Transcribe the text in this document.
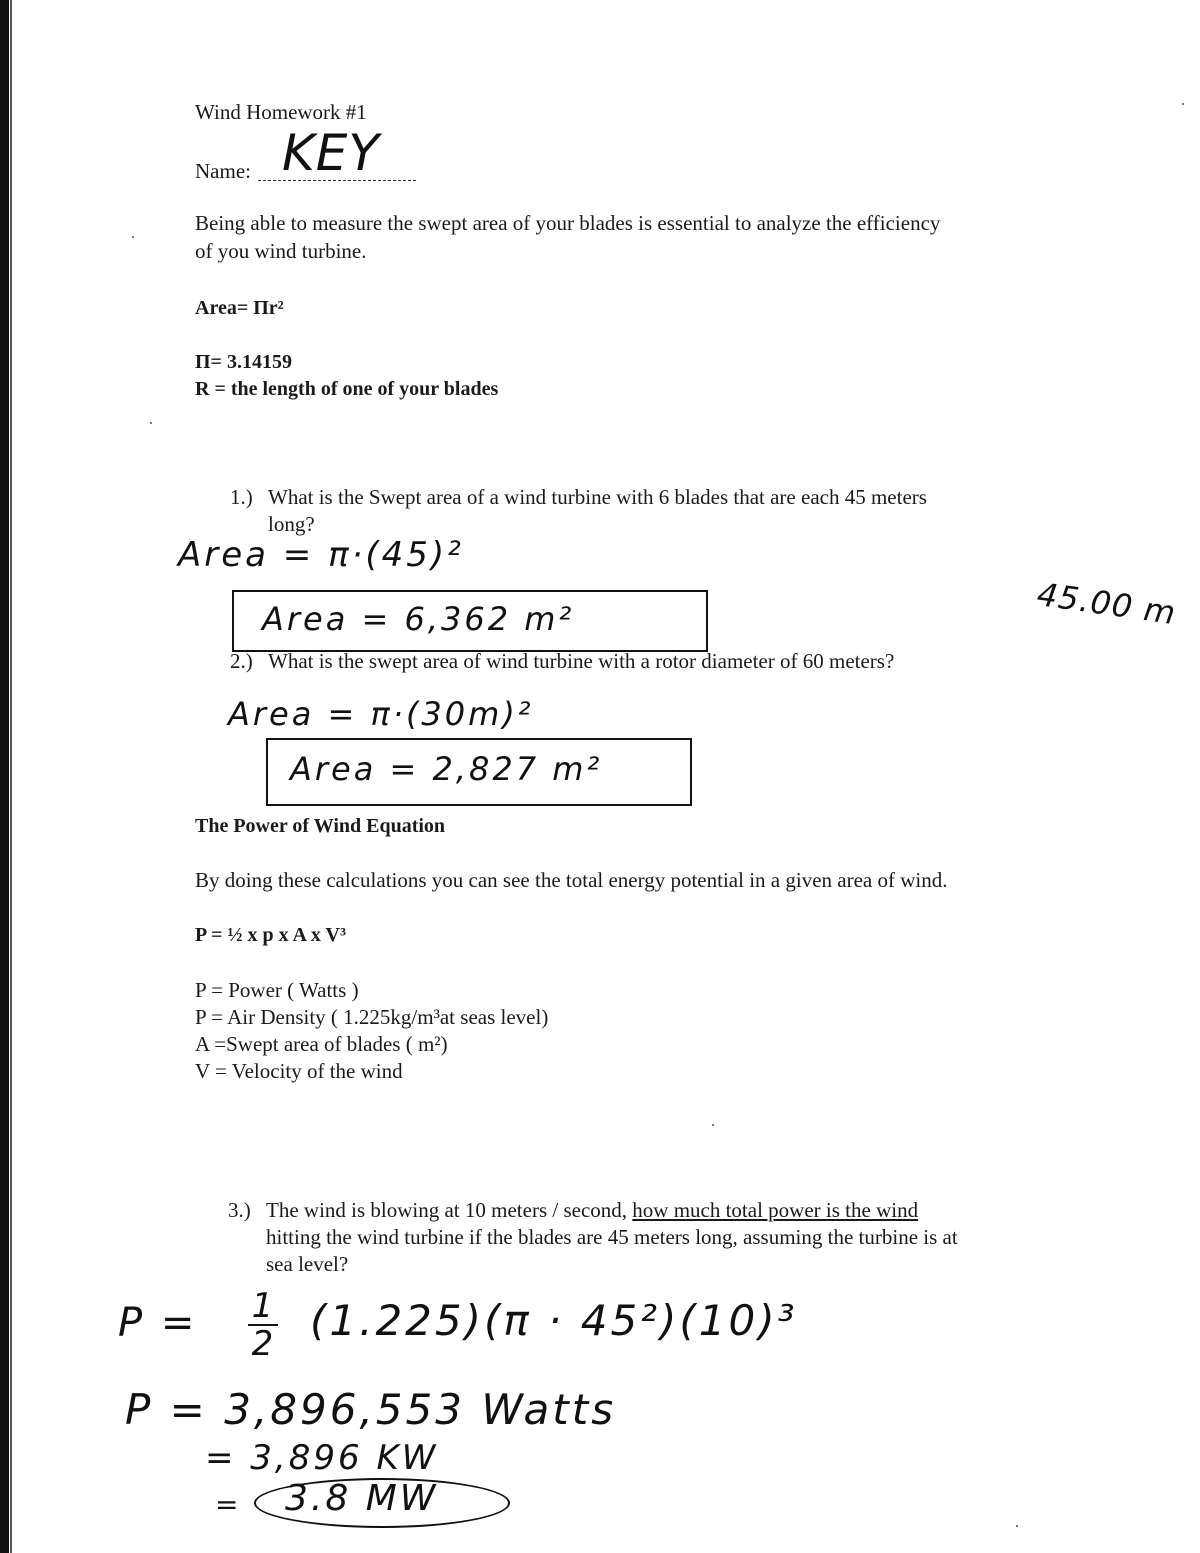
Wind Homework #1
Name: KEY
Being able to measure the swept area of your blades is essential to analyze the efficiency
of you wind turbine.
Area= Πr²
Π= 3.14159
R = the length of one of your blades
1.) What is the Swept area of a wind turbine with 6 blades that are each 45 meters
long?
Area = π·(45)²
Area = 6,362 m²	45.00 m
2.) What is the swept area of wind turbine with a rotor diameter of 60 meters?
Area = π·(30m)²
Area = 2,827 m²
The Power of Wind Equation
By doing these calculations you can see the total energy potential in a given area of wind.
P = ½ x p x A x V³
P = Power ( Watts )
P = Air Density ( 1.225kg/m³at seas level)
A =Swept area of blades ( m²)
V = Velocity of the wind
3.) The wind is blowing at 10 meters / second, how much total power is the wind
hitting the wind turbine if the blades are 45 meters long, assuming the turbine is at
sea level?
P = 1
2 (1.225)(π · 45²)(10)³
P = 3,896,553 Watts
= 3,896 KW
= 3.8 MW
